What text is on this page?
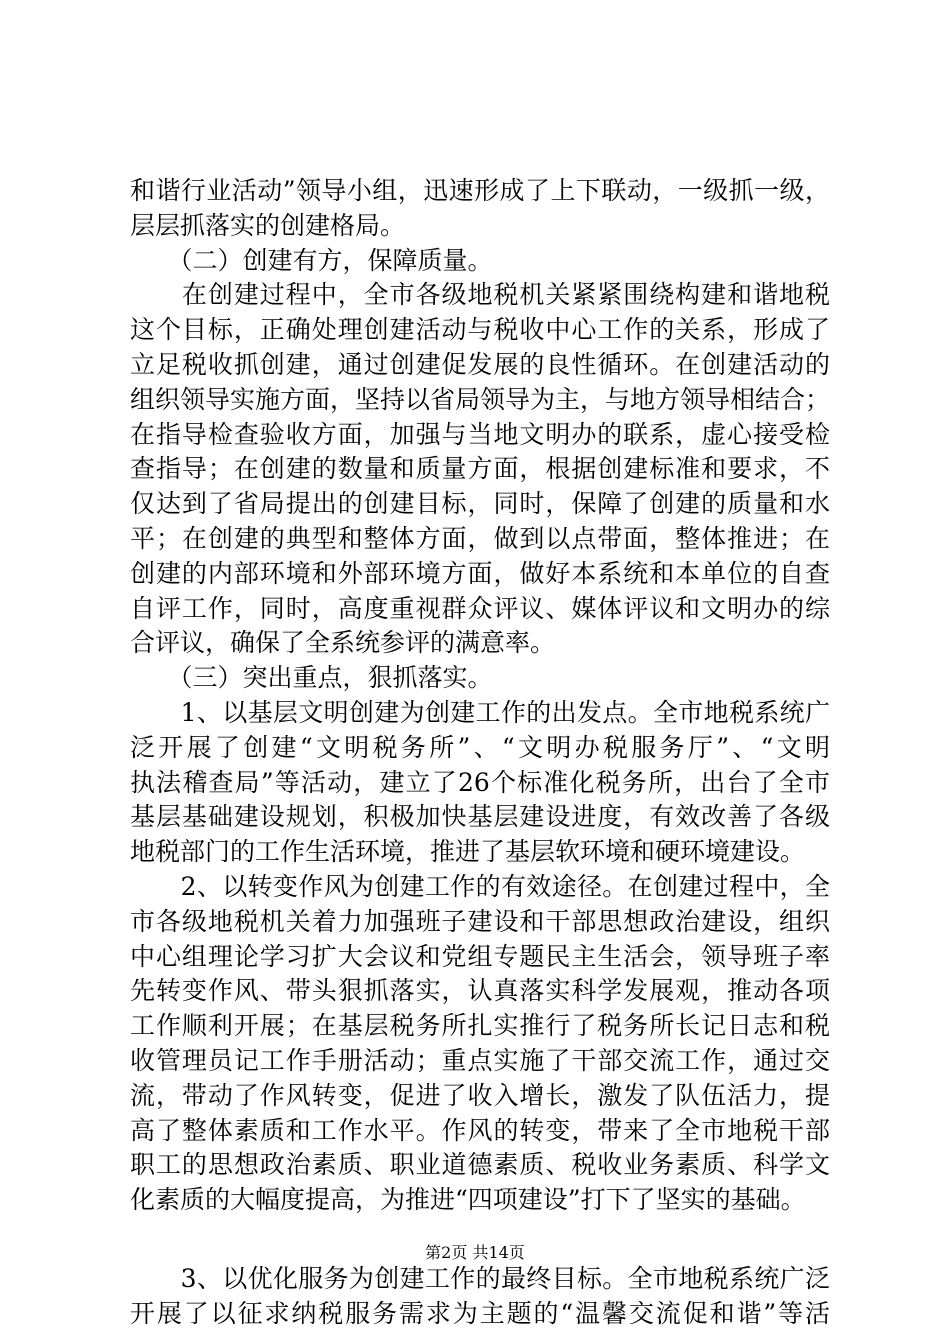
和谐行业活动”领导小组，迅速形成了上下联动，一级抓一级，
层层抓落实的创建格局。
　　（二）创建有方，保障质量。
　　在创建过程中，全市各级地税机关紧紧围绕构建和谐地税
这个目标，正确处理创建活动与税收中心工作的关系，形成了
立足税收抓创建，通过创建促发展的良性循环。在创建活动的
组织领导实施方面，坚持以省局领导为主，与地方领导相结合；
在指导检查验收方面，加强与当地文明办的联系，虚心接受检
查指导；在创建的数量和质量方面，根据创建标准和要求，不
仅达到了省局提出的创建目标，同时，保障了创建的质量和水
平；在创建的典型和整体方面，做到以点带面，整体推进；在
创建的内部环境和外部环境方面，做好本系统和本单位的自查
自评工作，同时，高度重视群众评议、媒体评议和文明办的综
合评议，确保了全系统参评的满意率。
　　（三）突出重点，狠抓落实。
　　1、以基层文明创建为创建工作的出发点。全市地税系统广
泛开展了创建“文明税务所”、“文明办税服务厅”、“文明
执法稽查局”等活动，建立了26个标准化税务所，出台了全市
基层基础建设规划，积极加快基层建设进度，有效改善了各级
地税部门的工作生活环境，推进了基层软环境和硬环境建设。
　　2、以转变作风为创建工作的有效途径。在创建过程中，全
市各级地税机关着力加强班子建设和干部思想政治建设，组织
中心组理论学习扩大会议和党组专题民主生活会，领导班子率
先转变作风、带头狠抓落实，认真落实科学发展观，推动各项
工作顺利开展；在基层税务所扎实推行了税务所长记日志和税
收管理员记工作手册活动；重点实施了干部交流工作，通过交
流，带动了作风转变，促进了收入增长，激发了队伍活力，提
高了整体素质和工作水平。作风的转变，带来了全市地税干部
职工的思想政治素质、职业道德素质、税收业务素质、科学文
化素质的大幅度提高，为推进“四项建设”打下了坚实的基础。
　　3、以优化服务为创建工作的最终目标。全市地税系统广泛
开展了以征求纳税服务需求为主题的“温馨交流促和谐”等活
第2页 共14页
